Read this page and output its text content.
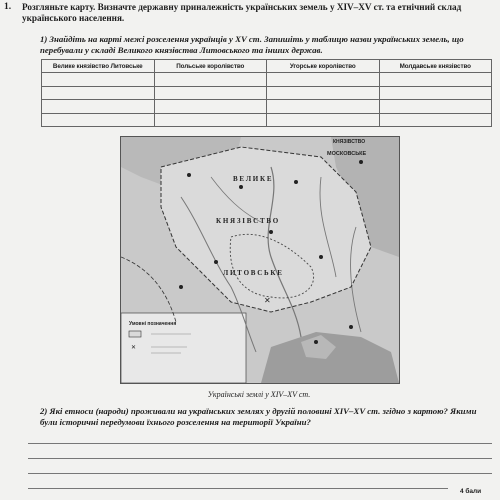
1. Розгляньте карту. Визначте державну приналежність українських земель у XIV–XV ст. та етнічний склад українського населення.
1) Знайдіть на карті межі розселення українців у XV ст. Запишіть у таблицю назви українських земель, що перебували у складі Великого князівства Литовського та інших держав.
Велике князівство Литовське	Польське королівство	Угорське королівство	Молдавське князівство

✕
В Е Л И К Е
К Н Я З І В С Т В О
Л И Т О В С Ь К Е
МОСКОВСЬКЕ
КНЯЗІВСТВО
Умовні позначення
✕
Українські землі у XIV–XV ст.
2) Які етноси (народи) проживали на українських землях у другій половині XIV–XV ст. згідно з картою? Якими були історичні передумови їхнього розселення на території України?
4 бали
